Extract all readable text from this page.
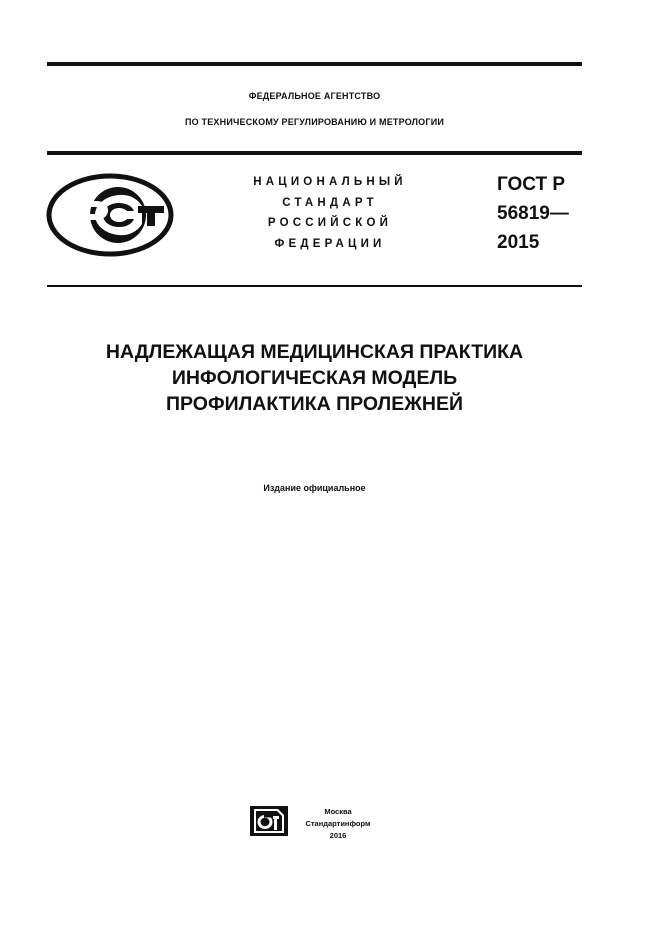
ФЕДЕРАЛЬНОЕ АГЕНТСТВО
ПО ТЕХНИЧЕСКОМУ РЕГУЛИРОВАНИЮ И МЕТРОЛОГИИ
НАЦИОНАЛЬНЫЙ
СТАНДАРТ
РОССИЙСКОЙ
ФЕДЕРАЦИИ
ГОСТ Р
56819—
2015
НАДЛЕЖАЩАЯ МЕДИЦИНСКАЯ ПРАКТИКА
ИНФОЛОГИЧЕСКАЯ МОДЕЛЬ
ПРОФИЛАКТИКА ПРОЛЕЖНЕЙ
Издание официальное
Москва
Стандартинформ
2016
